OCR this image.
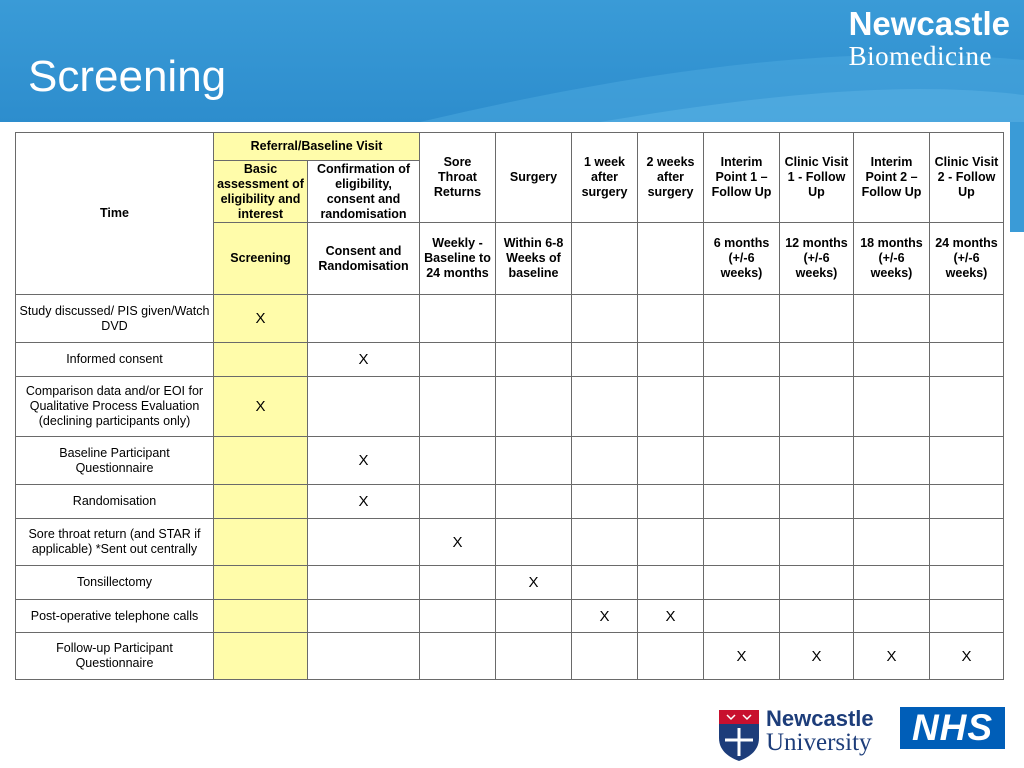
Screening
Newcastle
Biomedicine
Time	Referral/Baseline Visit		Sore Throat Returns	Surgery	1 week after surgery	2 weeks after surgery	Interim Point 1 – Follow Up	Clinic Visit 1 - Follow Up	Interim Point 2 – Follow Up	Clinic Visit 2 - Follow Up
	Basic assessment of eligibility and interest	Confirmation of eligibility, consent and randomisation								
	Screening	Consent and Randomisation	Weekly - Baseline to 24 months	Within 6-8 Weeks of baseline			6 months (+/-6 weeks)	12 months (+/-6 weeks)	18 months (+/-6 weeks)	24 months (+/-6 weeks)
Study discussed/ PIS given/Watch DVD	X									
Informed consent		X								
Comparison data and/or EOI for Qualitative Process Evaluation (declining participants only)	X									
Baseline Participant Questionnaire		X								
Randomisation		X								
Sore throat return (and STAR if applicable) *Sent out centrally			X							
Tonsillectomy				X						
Post-operative telephone calls					X	X				
Follow-up Participant Questionnaire							X	X	X	X
Newcastle
University	NHS
